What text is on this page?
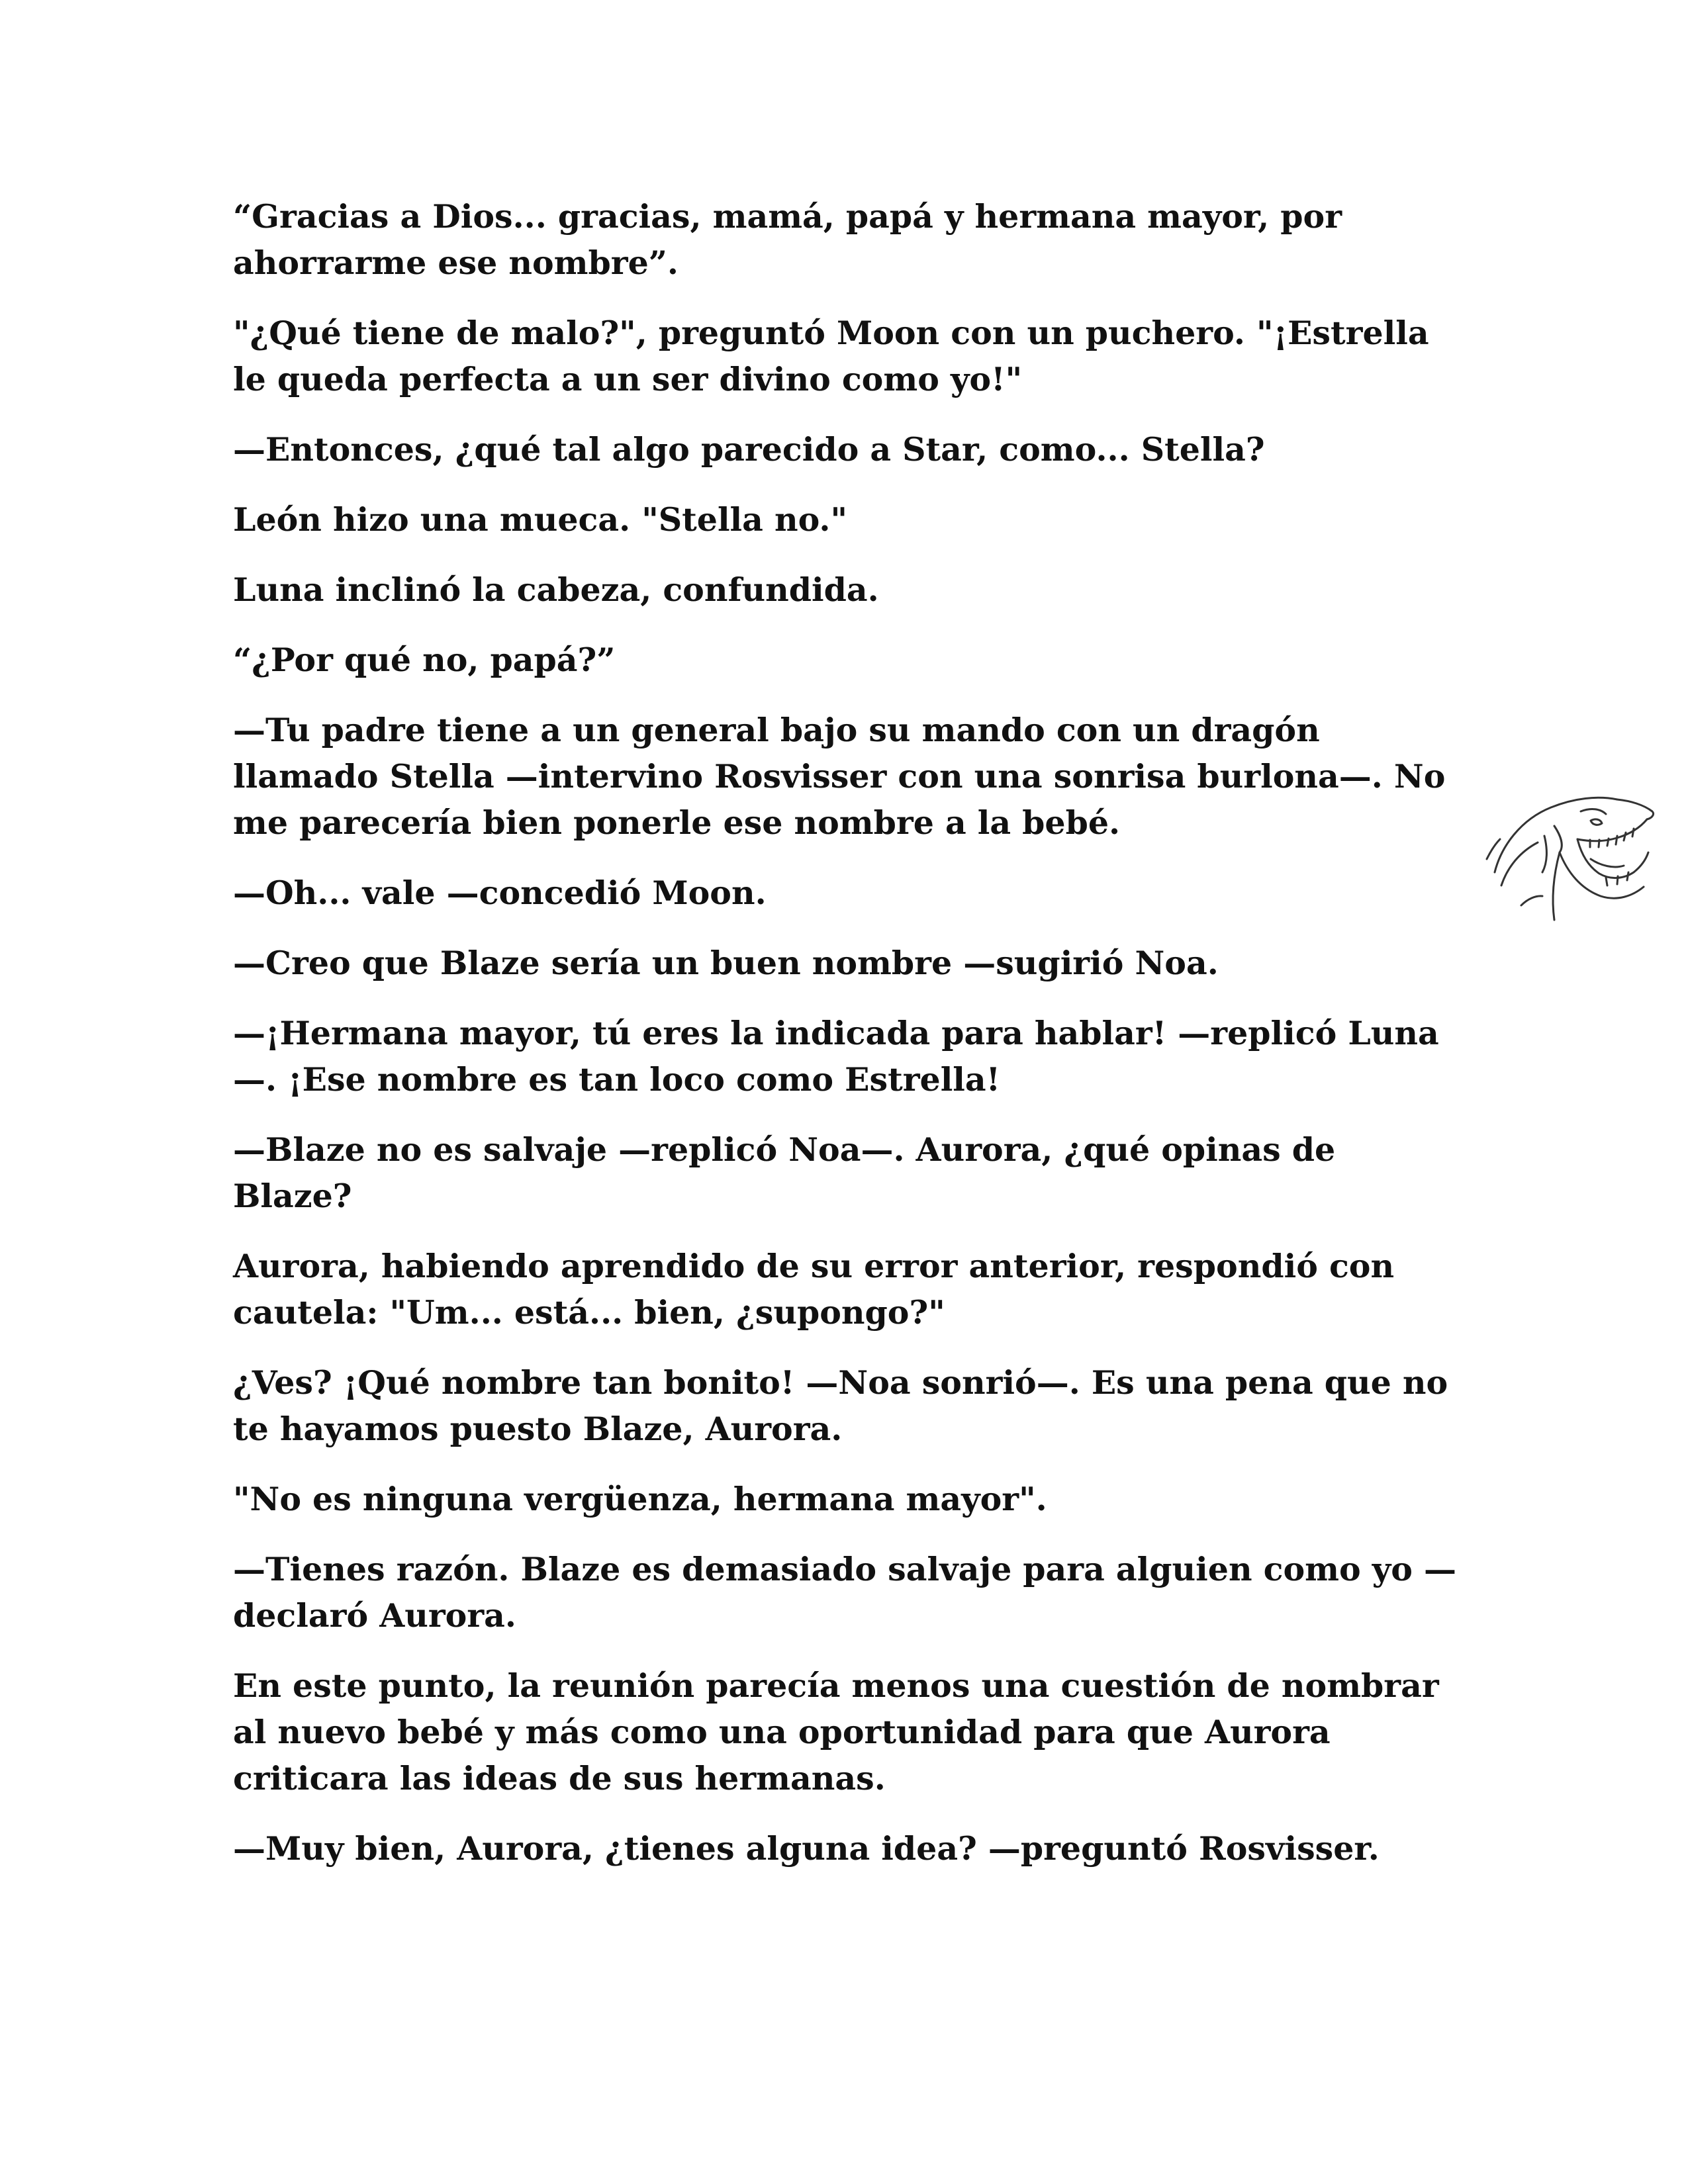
“Gracias a Dios... gracias, mamá, papá y hermana mayor, por ahorrarme ese nombre”.

"¿Qué tiene de malo?", preguntó Moon con un puchero. "¡Estrella le queda perfecta a un ser divino como yo!"

—Entonces, ¿qué tal algo parecido a Star, como... Stella?

León hizo una mueca. "Stella no."

Luna inclinó la cabeza, confundida.

“¿Por qué no, papá?”

—Tu padre tiene a un general bajo su mando con un dragón llamado Stella —intervino Rosvisser con una sonrisa burlona—. No me parecería bien ponerle ese nombre a la bebé.

—Oh... vale —concedió Moon.

—Creo que Blaze sería un buen nombre —sugirió Noa.

—¡Hermana mayor, tú eres la indicada para hablar! —replicó Luna—. ¡Ese nombre es tan loco como Estrella!

—Blaze no es salvaje —replicó Noa—. Aurora, ¿qué opinas de Blaze?

Aurora, habiendo aprendido de su error anterior, respondió con cautela: "Um... está... bien, ¿supongo?"

¿Ves? ¡Qué nombre tan bonito! —Noa sonrió—. Es una pena que no te hayamos puesto Blaze, Aurora.

"No es ninguna vergüenza, hermana mayor".

—Tienes razón. Blaze es demasiado salvaje para alguien como yo —declaró Aurora.

En este punto, la reunión parecía menos una cuestión de nombrar al nuevo bebé y más como una oportunidad para que Aurora criticara las ideas de sus hermanas.

—Muy bien, Aurora, ¿tienes alguna idea? —preguntó Rosvisser.
